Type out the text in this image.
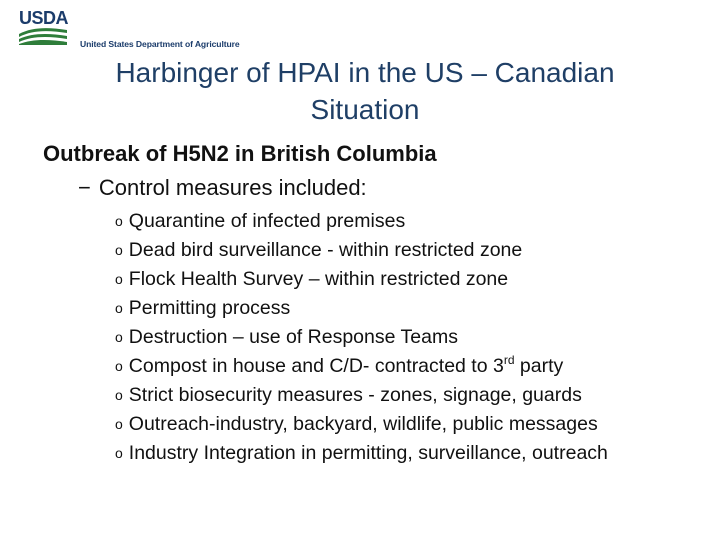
USDA
United States Department of Agriculture
Harbinger of HPAI in the US – Canadian
Situation
Outbreak of H5N2 in British Columbia
− Control measures included:
o Quarantine of infected premises
o Dead bird surveillance - within restricted zone
o Flock Health Survey – within restricted zone
o Permitting process
o Destruction – use of Response Teams
o Compost in house and C/D- contracted to 3rd party
o Strict biosecurity measures - zones, signage, guards
o Outreach-industry, backyard, wildlife, public messages
o Industry Integration in permitting, surveillance, outreach
